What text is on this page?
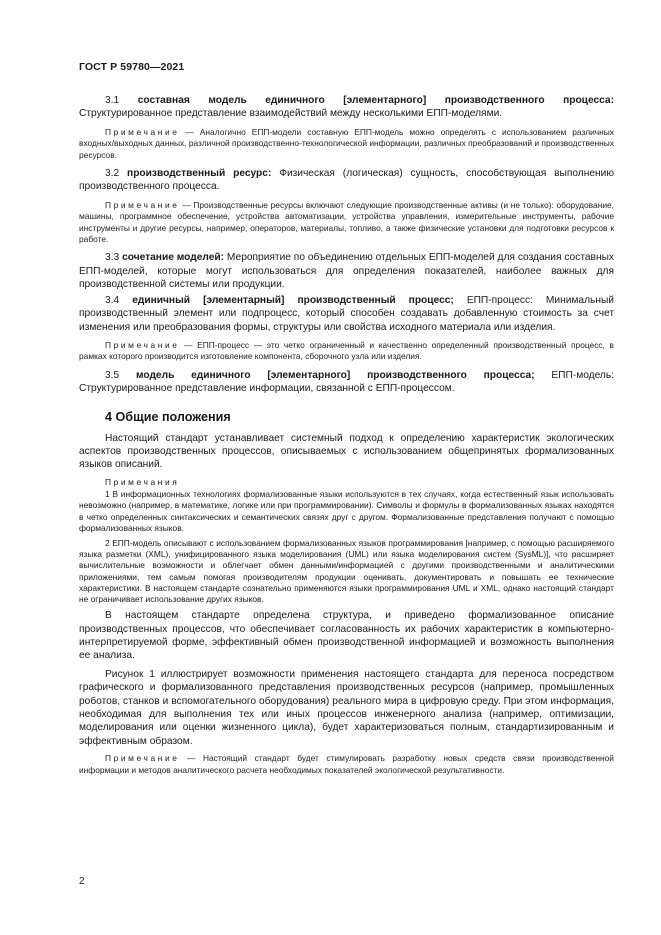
ГОСТ Р 59780—2021

3.1 составная модель единичного [элементарного] производственного процесса: Структурированное представление взаимодействий между несколькими ЕПП-моделями.

Примечание — Аналогично ЕПП-модели составную ЕПП-модель можно определять с использованием различных входных/выходных данных, различной производственно-технологической информации, различных преобразований и производственных ресурсов.

3.2 производственный ресурс: Физическая (логическая) сущность, способствующая выполнению производственного процесса.

Примечание — Производственные ресурсы включают следующие производственные активы (и не только): оборудование, машины, программное обеспечение, устройства автоматизации, устройства управления, измерительные инструменты, рабочие инструменты и другие ресурсы, например, операторов, материалы, топливо, а также физические установки для подготовки ресурсов к работе.

3.3 сочетание моделей: Мероприятие по объединению отдельных ЕПП-моделей для создания составных ЕПП-моделей, которые могут использоваться для определения показателей, наиболее важных для производственной системы или продукции.

3.4 единичный [элементарный] производственный процесс; ЕПП-процесс: Минимальный производственный элемент или подпроцесс, который способен создавать добавленную стоимость за счет изменения или преобразования формы, структуры или свойства исходного материала или изделия.

Примечание — ЕПП-процесс — это четко ограниченный и качественно определенный производственный процесс, в рамках которого производится изготовление компонента, сборочного узла или изделия.

3.5 модель единичного [элементарного] производственного процесса; ЕПП-модель: Структурированное представление информации, связанной с ЕПП-процессом.

4 Общие положения

Настоящий стандарт устанавливает системный подход к определению характеристик экологических аспектов производственных процессов, описываемых с использованием общепринятых формализованных языков описаний.

Примечания

1 В информационных технологиях формализованные языки используются в тех случаях, когда естественный язык использовать невозможно (например, в математике, логике или при программировании). Символы и формулы в формализованных языках находятся в четко определенных синтаксических и семантических связях друг с другом. Формализованные представления получают с помощью формализованных языков.

2 ЕПП-модель описывают с использованием формализованных языков программирования [например, с помощью расширяемого языка разметки (XML), унифицированного языка моделирования (UML) или языка моделирования систем (SysML)], что расширяет вычислительные возможности и облегчает обмен данными/информацией с другими производственными и аналитическими приложениями, тем самым помогая производителям продукции оценивать, документировать и повышать ее технические характеристики. В настоящем стандарте сознательно применяются языки программирования UML и XML, однако настоящий стандарт не ограничивает использование других языков.

В настоящем стандарте определена структура, и приведено формализованное описание производственных процессов, что обеспечивает согласованность их рабочих характеристик в компьютерно-интерпретируемой форме, эффективный обмен производственной информацией и возможность выполнения ее анализа.

Рисунок 1 иллюстрирует возможности применения настоящего стандарта для переноса посредством графического и формализованного представления производственных ресурсов (например, промышленных роботов, станков и вспомогательного оборудования) реального мира в цифровую среду. При этом информация, необходимая для выполнения тех или иных процессов инженерного анализа (например, оптимизации, моделирования или оценки жизненного цикла), будет характеризоваться полным, стандартизированным и эффективным образом.

Примечание — Настоящий стандарт будет стимулировать разработку новых средств связи производственной информации и методов аналитического расчета необходимых показателей экологической результативности.

2
